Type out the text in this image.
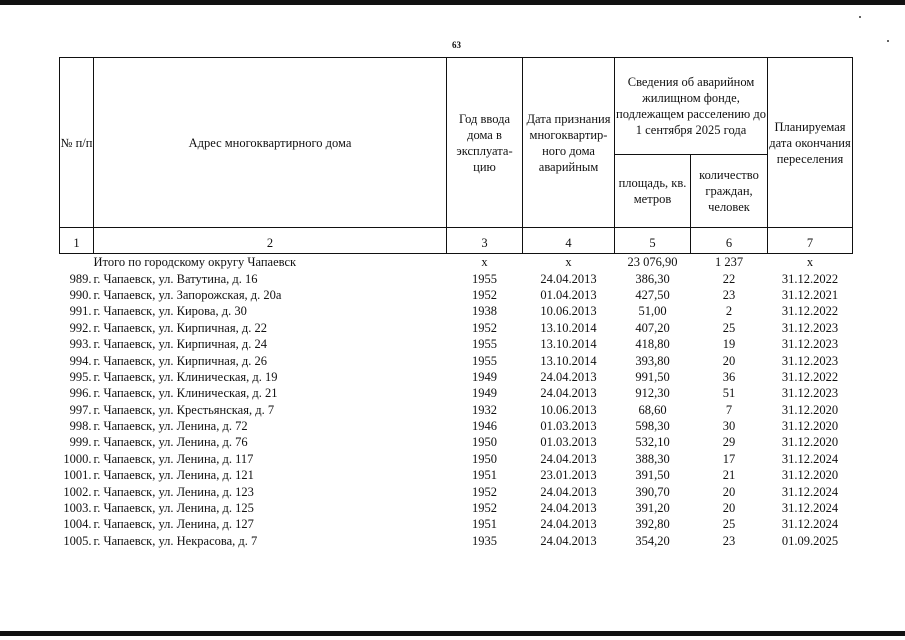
63
№ п/п	Адрес многоквартирного дома	Год ввода дома в эксплуата-цию	Дата признания многоквартир-ного дома аварийным	Сведения об аварийном жилищном фонде, подлежащем расселению до 1 сентября 2025 года		Планируемая дата окончания переселения
				площадь, кв. метров	количество граждан, человек	
1	2	3	4	5	6	7
	Итого по городскому округу Чапаевск	х	х	23 076,90	1 237	х
989.	г. Чапаевск, ул. Ватутина, д. 16	1955	24.04.2013	386,30	22	31.12.2022
990.	г. Чапаевск, ул. Запорожская, д. 20а	1952	01.04.2013	427,50	23	31.12.2021
991.	г. Чапаевск, ул. Кирова, д. 30	1938	10.06.2013	51,00	2	31.12.2022
992.	г. Чапаевск, ул. Кирпичная, д. 22	1952	13.10.2014	407,20	25	31.12.2023
993.	г. Чапаевск, ул. Кирпичная, д. 24	1955	13.10.2014	418,80	19	31.12.2023
994.	г. Чапаевск, ул. Кирпичная, д. 26	1955	13.10.2014	393,80	20	31.12.2023
995.	г. Чапаевск, ул. Клиническая, д. 19	1949	24.04.2013	991,50	36	31.12.2022
996.	г. Чапаевск, ул. Клиническая, д. 21	1949	24.04.2013	912,30	51	31.12.2023
997.	г. Чапаевск, ул. Крестьянская, д. 7	1932	10.06.2013	68,60	7	31.12.2020
998.	г. Чапаевск, ул. Ленина, д. 72	1946	01.03.2013	598,30	30	31.12.2020
999.	г. Чапаевск, ул. Ленина, д. 76	1950	01.03.2013	532,10	29	31.12.2020
1000.	г. Чапаевск, ул. Ленина, д. 117	1950	24.04.2013	388,30	17	31.12.2024
1001.	г. Чапаевск, ул. Ленина, д. 121	1951	23.01.2013	391,50	21	31.12.2020
1002.	г. Чапаевск, ул. Ленина, д. 123	1952	24.04.2013	390,70	20	31.12.2024
1003.	г. Чапаевск, ул. Ленина, д. 125	1952	24.04.2013	391,20	20	31.12.2024
1004.	г. Чапаевск, ул. Ленина, д. 127	1951	24.04.2013	392,80	25	31.12.2024
1005.	г. Чапаевск, ул. Некрасова, д. 7	1935	24.04.2013	354,20	23	01.09.2025
